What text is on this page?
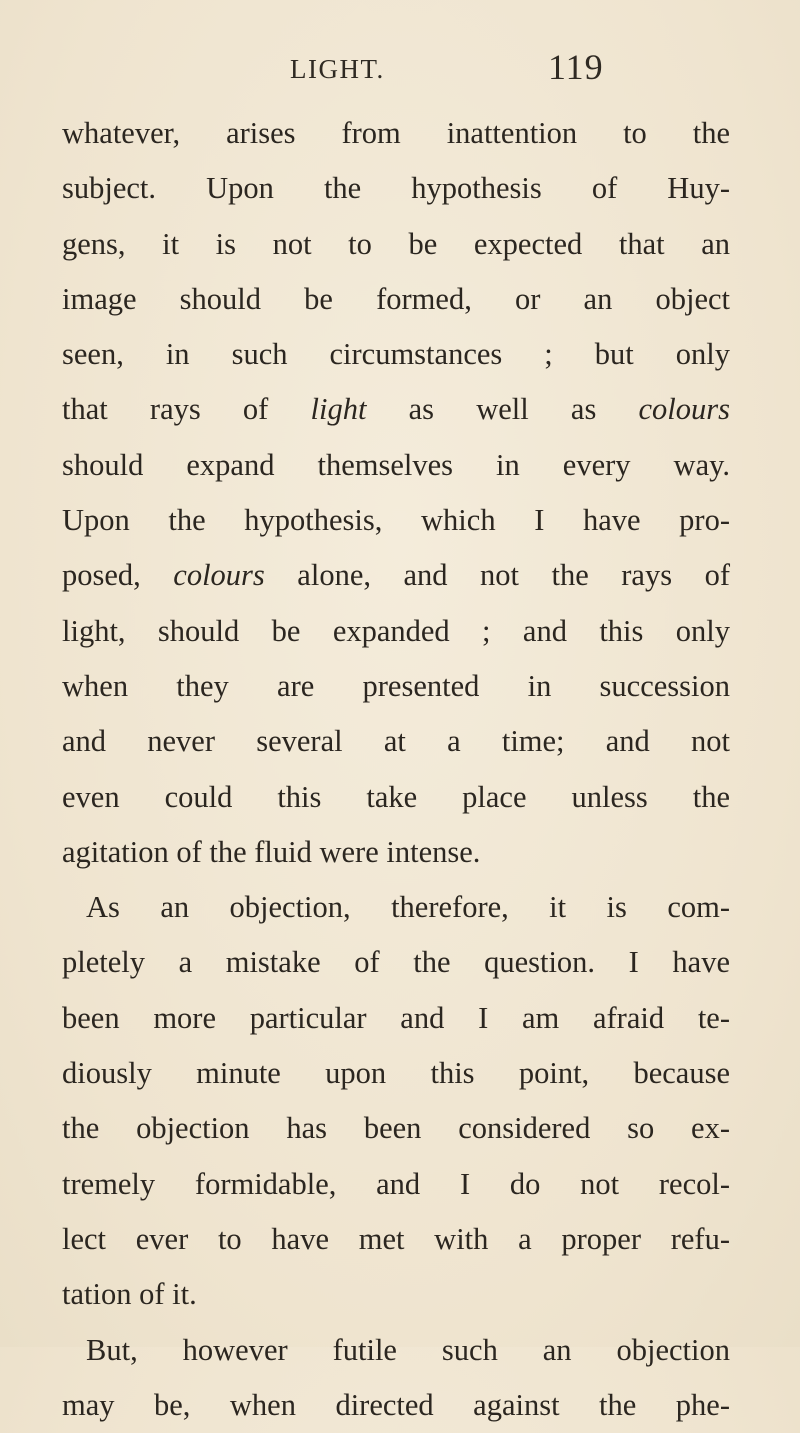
LIGHT.	119
whatever, arises from inattention to the
subject. Upon the hypothesis of Huy-
gens, it is not to be expected that an
image should be formed, or an object
seen, in such circumstances ; but only
that rays of light as well as colours
should expand themselves in every way.
Upon the hypothesis, which I have pro-
posed, colours alone, and not the rays of
light, should be expanded ; and this only
when they are presented in succession
and never several at a time; and not
even could this take place unless the
agitation of the fluid were intense.
As an objection, therefore, it is com-
pletely a mistake of the question. I have
been more particular and I am afraid te-
diously minute upon this point, because
the objection has been considered so ex-
tremely formidable, and I do not recol-
lect ever to have met with a proper refu-
tation of it.
But, however futile such an objection
may be, when directed against the phe-
